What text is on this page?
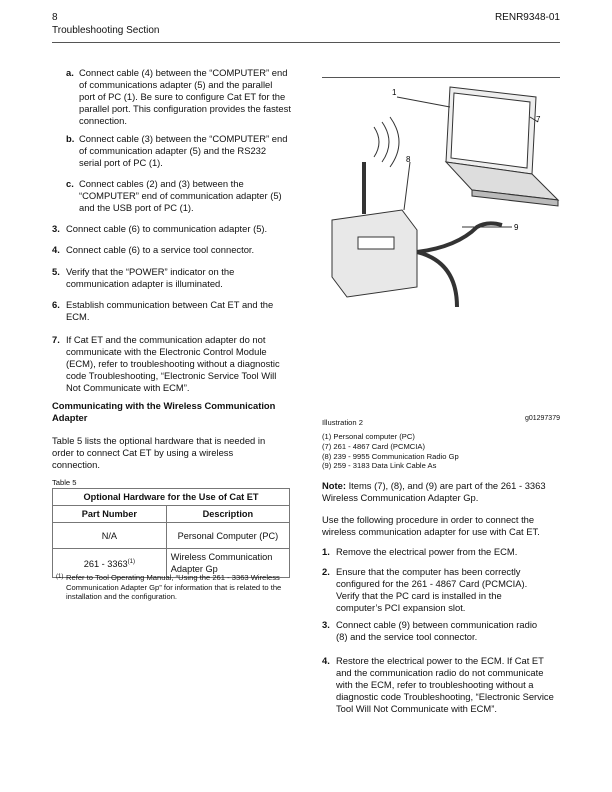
8
Troubleshooting Section
RENR9348-01
a. Connect cable (4) between the “COMPUTER” end of communications adapter (5) and the parallel port of PC (1). Be sure to configure Cat ET for the parallel port. This configuration provides the fastest connection.
b. Connect cable (3) between the “COMPUTER” end of communication adapter (5) and the RS232 serial port of PC (1).
c. Connect cables (2) and (3) between the “COMPUTER” end of communication adapter (5) and the USB port of PC (1).
3. Connect cable (6) to communication adapter (5).
4. Connect cable (6) to a service tool connector.
5. Verify that the “POWER” indicator on the communication adapter is illuminated.
6. Establish communication between Cat ET and the ECM.
7. If Cat ET and the communication adapter do not communicate with the Electronic Control Module (ECM), refer to troubleshooting without a diagnostic code Troubleshooting, “Electronic Service Tool Will Not Communicate with ECM”.
Communicating with the Wireless Communication Adapter
Table 5 lists the optional hardware that is needed in order to connect Cat ET by using a wireless connection.
Table 5
Optional Hardware for the Use of Cat ET	
Part Number	Description
N/A	Personal Computer (PC)
261 - 3363$^{(1)}$	Wireless Communication Adapter Gp
(1) Refer to Tool Operating Manual, “Using the 261 - 3363 Wireless Communication Adapter Gp” for information that is related to the installation and the configuration.
1
7
8
9
Illustration 2	g01297379
(1) Personal computer (PC)
(7) 261 - 4867 Card (PCMCIA)
(8) 239 - 9955 Communication Radio Gp
(9) 259 - 3183 Data Link Cable As
Note: Items (7), (8), and (9) are part of the 261 - 3363 Wireless Communication Adapter Gp.
Use the following procedure in order to connect the wireless communication adapter for use with Cat ET.
1. Remove the electrical power from the ECM.
2. Ensure that the computer has been correctly configured for the 261 - 4867 Card (PCMCIA). Verify that the PC card is installed in the computer’s PCI expansion slot.
3. Connect cable (9) between communication radio (8) and the service tool connector.
4. Restore the electrical power to the ECM. If Cat ET and the communication radio do not communicate with the ECM, refer to troubleshooting without a diagnostic code Troubleshooting, “Electronic Service Tool Will Not Communicate with ECM”.
